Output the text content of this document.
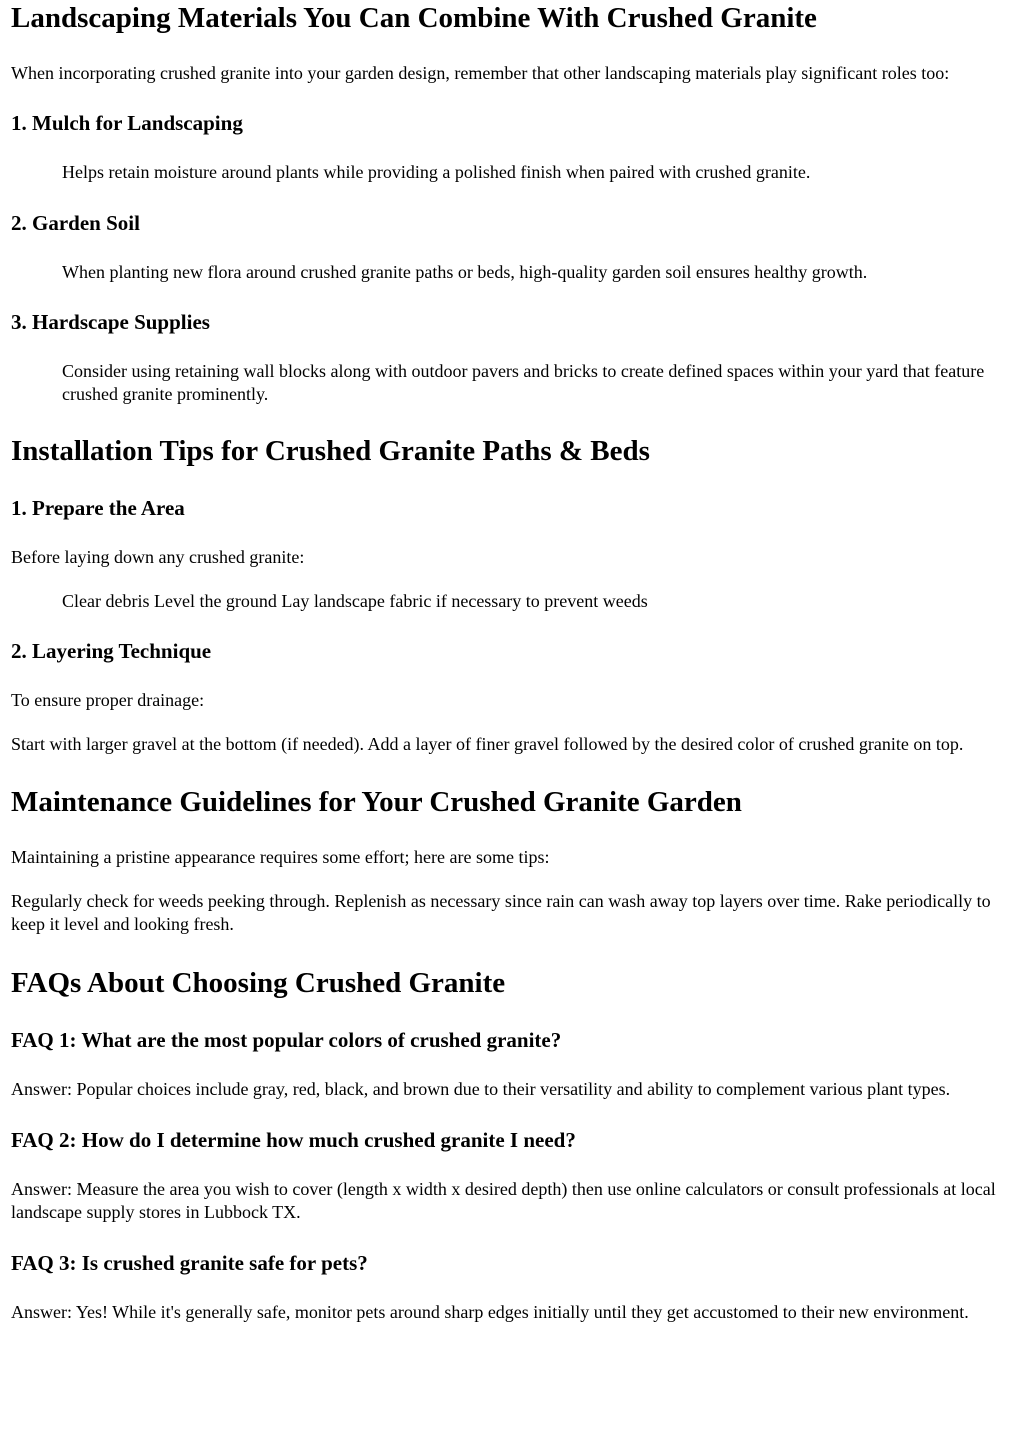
Landscaping Materials You Can Combine With Crushed Granite

When incorporating crushed granite into your garden design, remember that other landscaping materials play significant roles too:

1. Mulch for Landscaping
Helps retain moisture around plants while providing a polished finish when paired with crushed granite.
2. Garden Soil
When planting new flora around crushed granite paths or beds, high-quality garden soil ensures healthy growth.
3. Hardscape Supplies
Consider using retaining wall blocks along with outdoor pavers and bricks to create defined spaces within your yard that feature crushed granite prominently.
Installation Tips for Crushed Granite Paths & Beds
1. Prepare the Area

Before laying down any crushed granite:

Clear debris Level the ground Lay landscape fabric if necessary to prevent weeds
2. Layering Technique

To ensure proper drainage:

Start with larger gravel at the bottom (if needed). Add a layer of finer gravel followed by the desired color of crushed granite on top.

Maintenance Guidelines for Your Crushed Granite Garden

Maintaining a pristine appearance requires some effort; here are some tips:

Regularly check for weeds peeking through. Replenish as necessary since rain can wash away top layers over time. Rake periodically to keep it level and looking fresh.

FAQs About Choosing Crushed Granite
FAQ 1: What are the most popular colors of crushed granite?

Answer: Popular choices include gray, red, black, and brown due to their versatility and ability to complement various plant types.

FAQ 2: How do I determine how much crushed granite I need?

Answer: Measure the area you wish to cover (length x width x desired depth) then use online calculators or consult professionals at local landscape supply stores in Lubbock TX.

FAQ 3: Is crushed granite safe for pets?

Answer: Yes! While it's generally safe, monitor pets around sharp edges initially until they get accustomed to their new environment.
